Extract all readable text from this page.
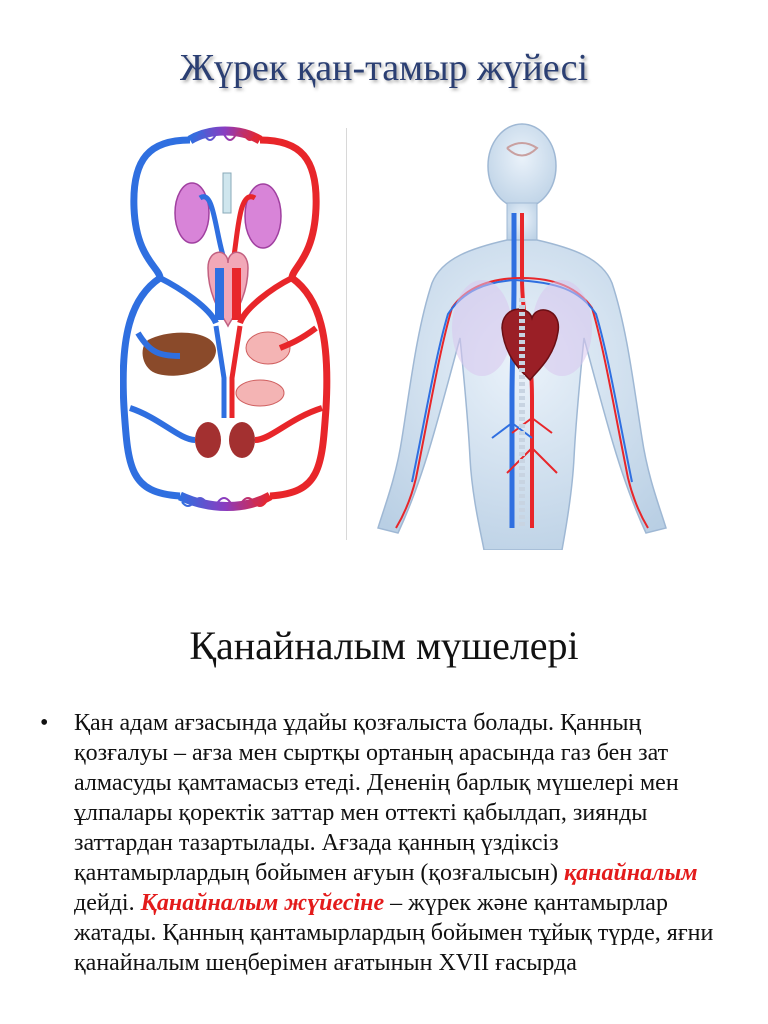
Жүрек қан-тамыр жүйесі
Қанайналым мүшелері
• Қан адам ағзасында ұдайы қозғалыста болады. Қанның қозғалуы – ағза мен сыртқы ортаның арасында газ бен зат алмасуды қамтамасыз етеді. Дененің барлық мүшелері мен ұлпалары қоректік заттар мен оттекті қабылдап, зиянды заттардан тазартылады. Ағзада қанның үздіксіз қантамырлардың бойымен ағуын (қозғалысын) қанайналым дейді. Қанайналым жүйесіне – жүрек және қантамырлар жатады. Қанның қантамырлардың бойымен тұйық түрде, яғни қанайналым шеңберімен ағатынын XVII ғасырда
